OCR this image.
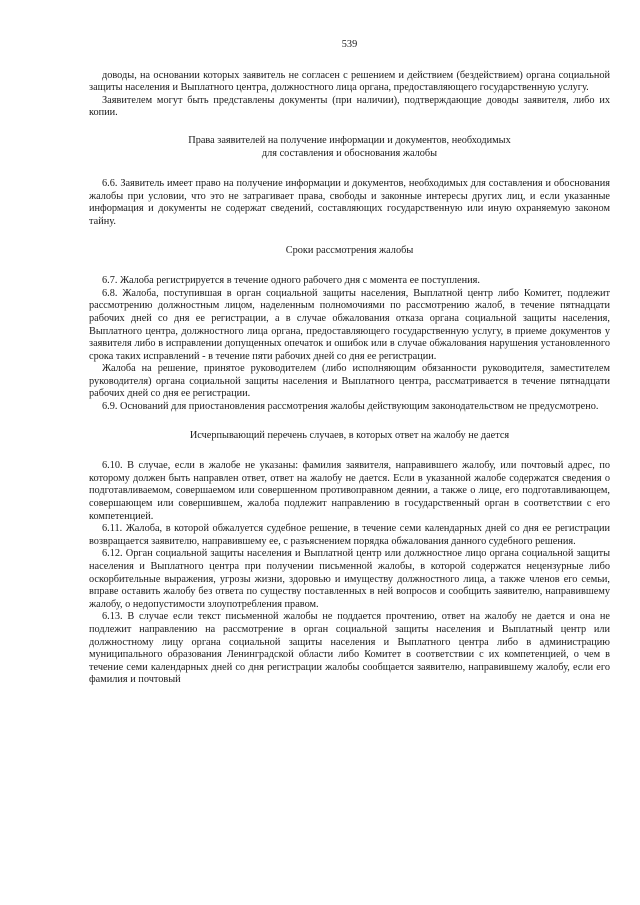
539

доводы, на основании которых заявитель не согласен с решением и действием (бездействием) органа социальной защиты населения и Выплатного центра, должностного лица органа, предоставляющего государственную услугу.

Заявителем могут быть представлены документы (при наличии), подтверждающие доводы заявителя, либо их копии.

Права заявителей на получение информации и документов, необходимых
для составления и обоснования жалобы

6.6. Заявитель имеет право на получение информации и документов, необходимых для составления и обоснования жалобы при условии, что это не затрагивает права, свободы и законные интересы других лиц, и если указанные информация и документы не содержат сведений, составляющих государственную или иную охраняемую законом тайну.

Сроки рассмотрения жалобы

6.7. Жалоба регистрируется в течение одного рабочего дня с момента ее поступления.

6.8. Жалоба, поступившая в орган социальной защиты населения, Выплатной центр либо Комитет, подлежит рассмотрению должностным лицом, наделенным полномочиями по рассмотрению жалоб, в течение пятнадцати рабочих дней со дня ее регистрации, а в случае обжалования отказа органа социальной защиты населения, Выплатного центра, должностного лица органа, предоставляющего государственную услугу, в приеме документов у заявителя либо в исправлении допущенных опечаток и ошибок или в случае обжалования нарушения установленного срока таких исправлений - в течение пяти рабочих дней со дня ее регистрации.

Жалоба на решение, принятое руководителем (либо исполняющим обязанности руководителя, заместителем руководителя) органа социальной защиты населения и Выплатного центра, рассматривается в течение пятнадцати рабочих дней со дня ее регистрации.

6.9. Оснований для приостановления рассмотрения жалобы действующим законодательством не предусмотрено.

Исчерпывающий перечень случаев, в которых ответ на жалобу не дается

6.10. В случае, если в жалобе не указаны: фамилия заявителя, направившего жалобу, или почтовый адрес, по которому должен быть направлен ответ, ответ на жалобу не дается. Если в указанной жалобе содержатся сведения о подготавливаемом, совершаемом или совершенном противоправном деянии, а также о лице, его подготавливающем, совершающем или совершившем, жалоба подлежит направлению в государственный орган в соответствии с его компетенцией.

6.11. Жалоба, в которой обжалуется судебное решение, в течение семи календарных дней со дня ее регистрации возвращается заявителю, направившему ее, с разъяснением порядка обжалования данного судебного решения.

6.12. Орган социальной защиты населения и Выплатной центр или должностное лицо органа социальной защиты населения и Выплатного центра при получении письменной жалобы, в которой содержатся нецензурные либо оскорбительные выражения, угрозы жизни, здоровью и имуществу должностного лица, а также членов его семьи, вправе оставить жалобу без ответа по существу поставленных в ней вопросов и сообщить заявителю, направившему жалобу, о недопустимости злоупотребления правом.

6.13. В случае если текст письменной жалобы не поддается прочтению, ответ на жалобу не дается и она не подлежит направлению на рассмотрение в орган социальной защиты населения и Выплатный центр или должностному лицу органа социальной защиты населения и Выплатного центра либо в администрацию муниципального образования Ленинградской области либо Комитет в соответствии с их компетенцией, о чем в течение семи календарных дней со дня регистрации жалобы сообщается заявителю, направившему жалобу, если его фамилия и почтовый
